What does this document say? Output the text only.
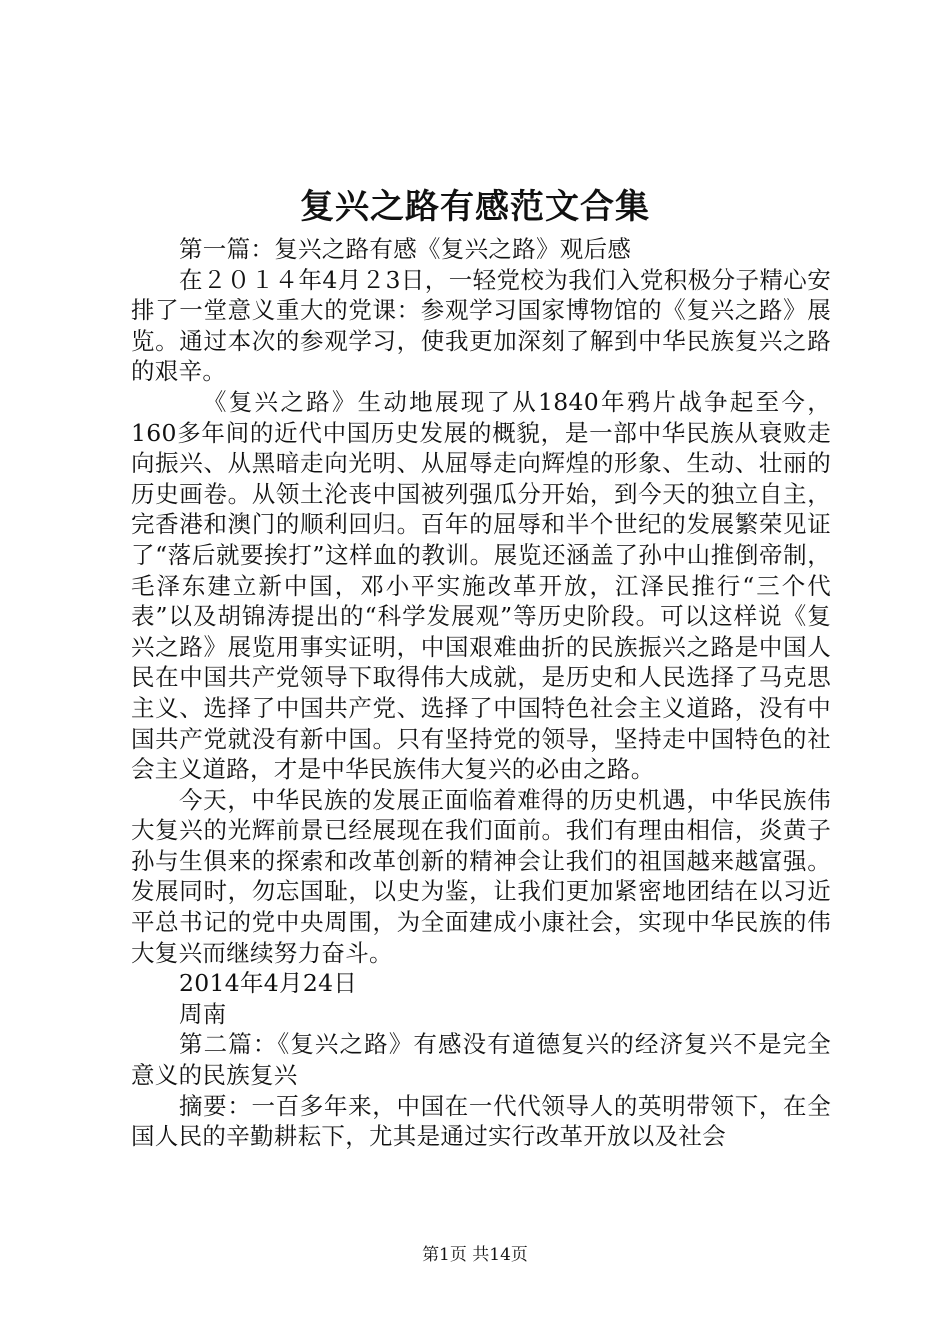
复兴之路有感范文合集

第一篇：复兴之路有感《复兴之路》观后感

在２０１４年4月２3日，一轻党校为我们入党积极分子精心安排了一堂意义重大的党课：参观学习国家博物馆的《复兴之路》展览。通过本次的参观学习，使我更加深刻了解到中华民族复兴之路的艰辛。

《复兴之路》生动地展现了从1840年鸦片战争起至今，160多年间的近代中国历史发展的概貌，是一部中华民族从衰败走向振兴、从黑暗走向光明、从屈辱走向辉煌的形象、生动、壮丽的历史画卷。从领土沦丧中国被列强瓜分开始，到今天的独立自主，完香港和澳门的顺利回归。百年的屈辱和半个世纪的发展繁荣见证了“落后就要挨打”这样血的教训。展览还涵盖了孙中山推倒帝制，毛泽东建立新中国，邓小平实施改革开放，江泽民推行“三个代表”以及胡锦涛提出的“科学发展观”等历史阶段。可以这样说《复兴之路》展览用事实证明，中国艰难曲折的民族振兴之路是中国人民在中国共产党领导下取得伟大成就，是历史和人民选择了马克思主义、选择了中国共产党、选择了中国特色社会主义道路，没有中国共产党就没有新中国。只有坚持党的领导，坚持走中国特色的社会主义道路，才是中华民族伟大复兴的必由之路。

今天，中华民族的发展正面临着难得的历史机遇，中华民族伟大复兴的光辉前景已经展现在我们面前。我们有理由相信，炎黄子孙与生俱来的探索和改革创新的精神会让我们的祖国越来越富强。发展同时，勿忘国耻，以史为鉴，让我们更加紧密地团结在以习近平总书记的党中央周围，为全面建成小康社会，实现中华民族的伟大复兴而继续努力奋斗。

2014年4月24日

周南

第二篇：《复兴之路》有感没有道德复兴的经济复兴不是完全意义的民族复兴

摘要：一百多年来，中国在一代代领导人的英明带领下，在全国人民的辛勤耕耘下，尤其是通过实行改革开放以及社会

第1页 共14页
